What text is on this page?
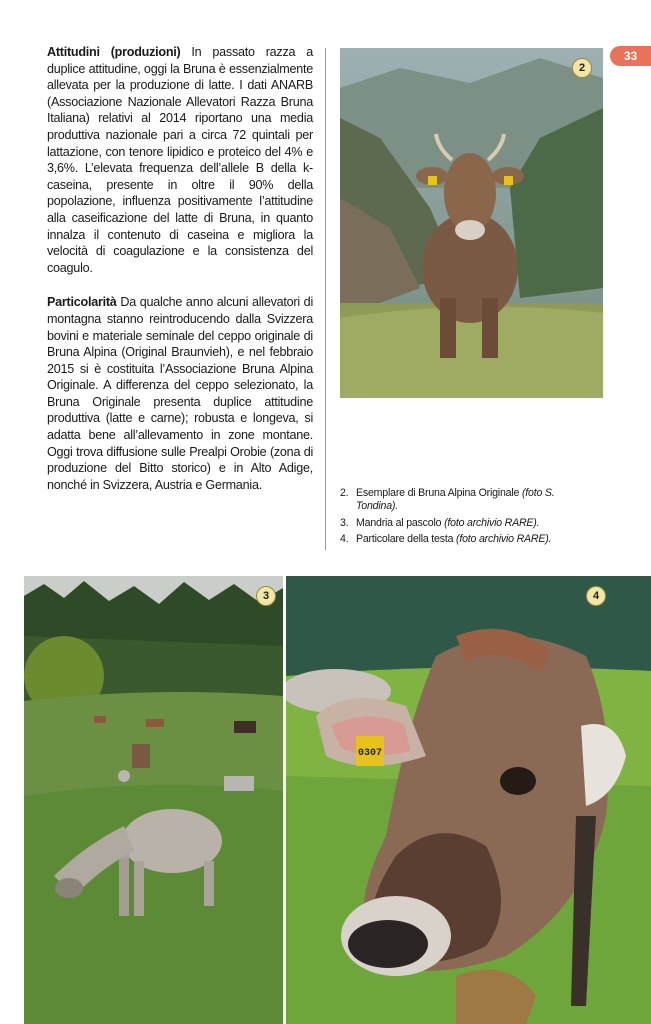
33

Attitudini (produzioni) In passato razza a duplice attitudine, oggi la Bruna è essenzialmente allevata per la produzione di latte. I dati ANARB (Associazione Nazionale Allevatori Razza Bruna Italiana) relativi al 2014 riportano una media produttiva nazionale pari a circa 72 quintali per lattazione, con tenore lipidico e proteico del 4% e 3,6%. L’elevata frequenza dell’allele B della k-caseina, presente in oltre il 90% della popolazione, influenza positivamente l’attitudine alla caseificazione del latte di Bruna, in quanto innalza il contenuto di caseina e migliora la velocità di coagulazione e la consistenza del coagulo.

Particolarità Da qualche anno alcuni allevatori di montagna stanno reintroducendo dalla Svizzera bovini e materiale seminale del ceppo originale di Bruna Alpina (Original Braunvieh), e nel febbraio 2015 si è costituita l’Associazione Bruna Alpina Originale. A differenza del ceppo selezionato, la Bruna Originale presenta duplice attitudine produttiva (latte e carne); robusta e longeva, si adatta bene all’allevamento in zone montane. Oggi trova diffusione sulle Prealpi Orobie (zona di produzione del Bitto storico) e in Alto Adige, nonché in Svizzera, Austria e Germania.

2
3
0307
4
2. Esemplare di Bruna Alpina Originale (foto S. Tondina).
3. Mandria al pascolo (foto archivio RARE).
4. Particolare della testa (foto archivio RARE).
